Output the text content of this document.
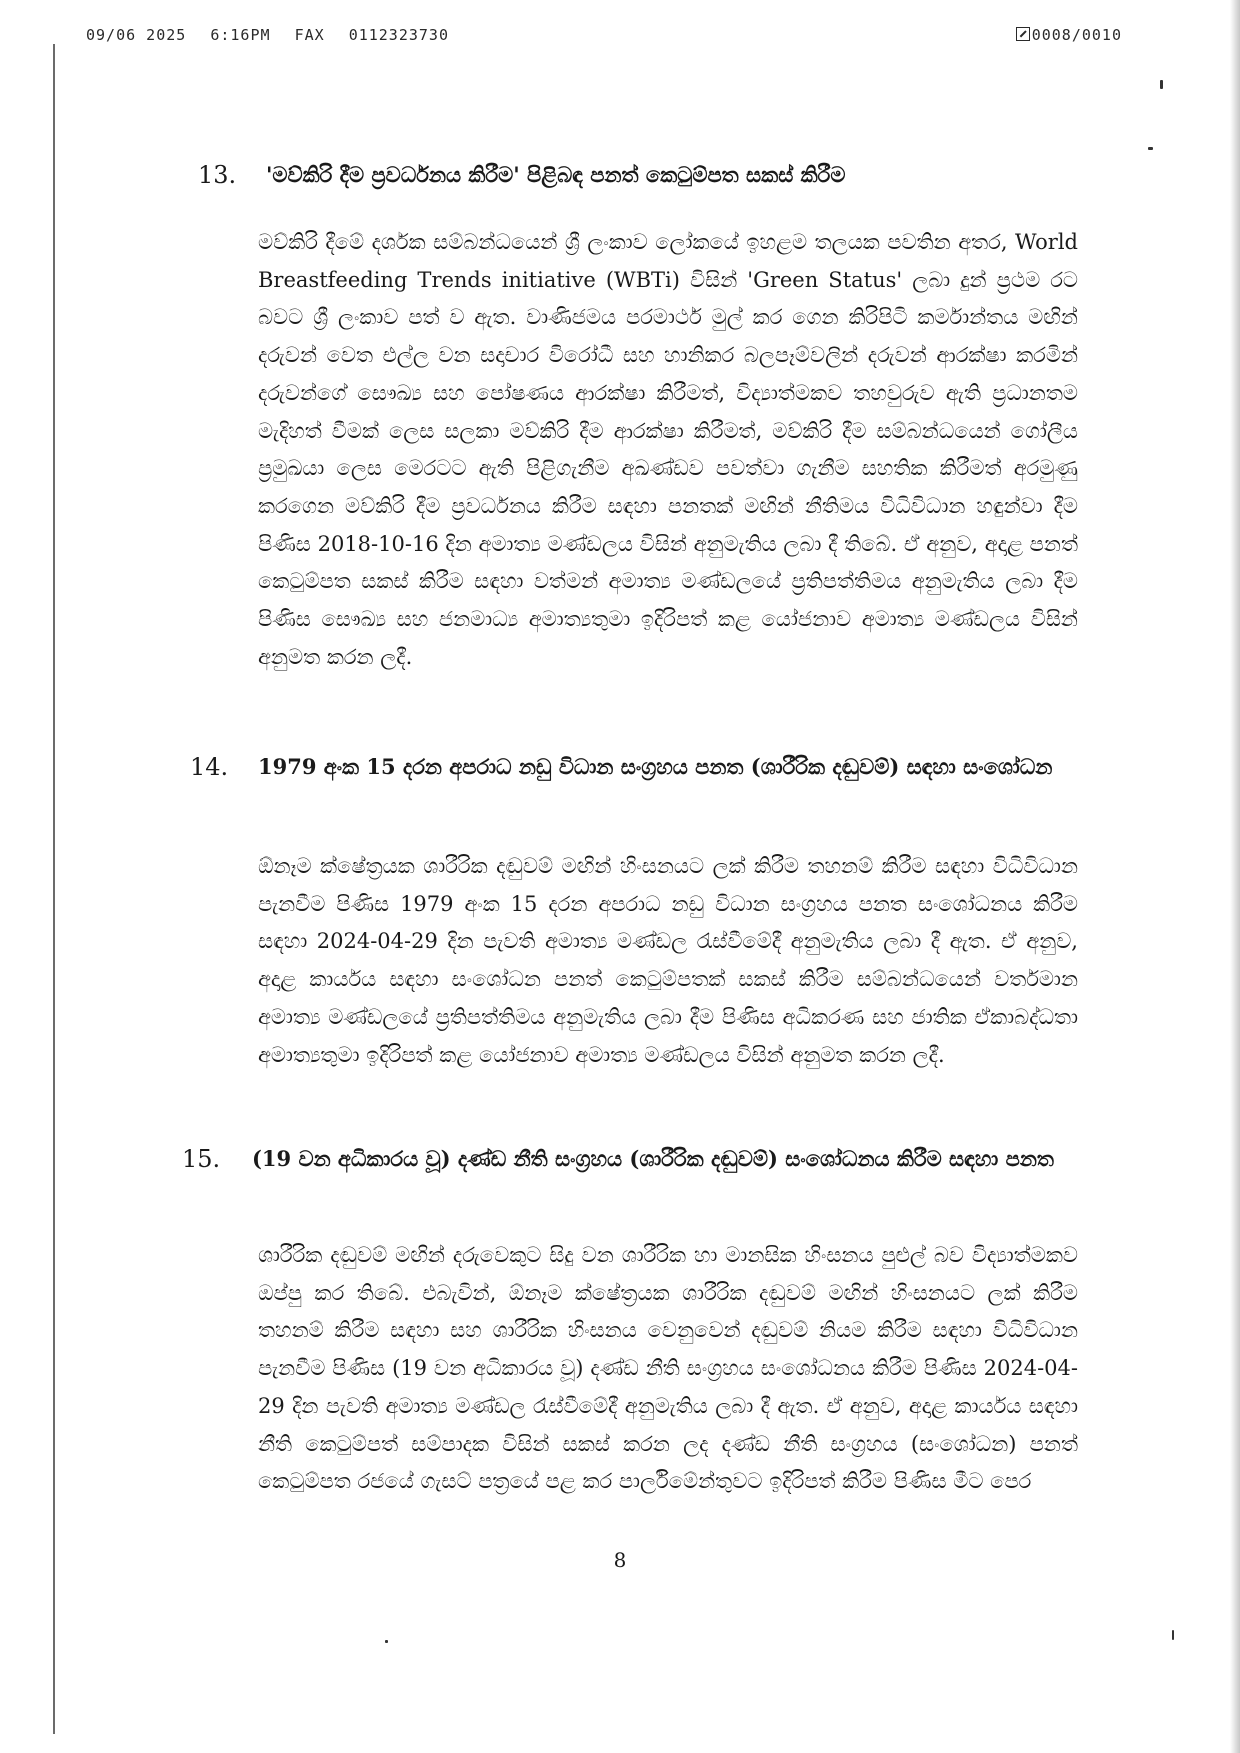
09/06 2025 6:16PM FAX 0112323730	0008/0010
13. 'මව්කිරි දීම ප්‍රවර්ධනය කිරීම' පිළිබඳ පනත් කෙටුම්පත සකස් කිරීම

මව්කිරි දීමේ දර්ශක සම්බන්ධයෙන් ශ්‍රී ලංකාව ලෝකයේ ඉහළම තලයක පවතින අතර, World Breastfeeding Trends initiative (WBTi) විසින් 'Green Status' ලබා දුන් ප්‍රථම රට බවට ශ්‍රී ලංකාව පත් ව ඇත. වාණිජමය පරමාර්ථ මුල් කර ගෙන කිරිපිටි කර්මාන්තය මඟින් දරුවන් වෙත එල්ල වන සදාචාර විරෝධී සහ හානිකර බලපෑම්වලින් දරුවන් ආරක්ෂා කරමින් දරුවන්ගේ සෞඛ්‍ය සහ පෝෂණය ආරක්ෂා කිරීමත්, විද්‍යාත්මකව තහවුරුව ඇති ප්‍රධානතම මැදිහත් වීමක් ලෙස සලකා මව්කිරි දීම ආරක්ෂා කිරීමත්, මව්කිරි දීම සම්බන්ධයෙන් ගෝලීය ප්‍රමුඛයා ලෙස මෙරටට ඇති පිළිගැනීම අඛණ්ඩව පවත්වා ගැනීම සහතික කිරීමත් අරමුණු කරගෙන මව්කිරි දීම ප්‍රවර්ධනය කිරීම සඳහා පනතක් මඟින් නීතිමය විධිවිධාන හඳුන්වා දීම පිණිස 2018-10-16 දින අමාත්‍ය මණ්ඩලය විසින් අනුමැතිය ලබා දී තිබේ. ඒ අනුව, අදාළ පනත් කෙටුම්පත සකස් කිරීම සඳහා වත්මන් අමාත්‍ය මණ්ඩලයේ ප්‍රතිපත්තිමය අනුමැතිය ලබා දීම පිණිස සෞඛ්‍ය සහ ජනමාධ්‍ය අමාත්‍යතුමා ඉදිරිපත් කළ යෝජනාව අමාත්‍ය මණ්ඩලය විසින් අනුමත කරන ලදී.

14. 1979 අංක 15 දරන අපරාධ නඩු විධාන සංග්‍රහය පනත (ශාරීරික දඬුවම්) සඳහා සංශෝධන

ඕනෑම ක්ෂේත්‍රයක ශාරීරික දඬුවම් මඟින් හිංසනයට ලක් කිරීම තහනම් කිරීම සඳහා විධිවිධාන පැනවීම පිණිස 1979 අංක 15 දරන අපරාධ නඩු විධාන සංග්‍රහය පනත සංශෝධනය කිරීම සඳහා 2024-04-29 දින පැවති අමාත්‍ය මණ්ඩල රැස්වීමේදී අනුමැතිය ලබා දී ඇත. ඒ අනුව, අදාළ කාර්යය සඳහා සංශෝධන පනත් කෙටුම්පතක් සකස් කිරීම සම්බන්ධයෙන් වර්තමාන අමාත්‍ය මණ්ඩලයේ ප්‍රතිපත්තිමය අනුමැතිය ලබා දීම පිණිස අධිකරණ සහ ජාතික ඒකාබද්ධතා අමාත්‍යතුමා ඉදිරිපත් කළ යෝජනාව අමාත්‍ය මණ්ඩලය විසින් අනුමත කරන ලදී.

15. (19 වන අධිකාරය වූ) දණ්ඩ නීති සංග්‍රහය (ශාරීරික දඬුවම්) සංශෝධනය කිරීම සඳහා පනත

ශාරීරික දඬුවම් මඟින් දරුවෙකුට සිදු වන ශාරීරික හා මානසික හිංසනය පුළුල් බව විද්‍යාත්මකව ඔප්පු කර තිබේ. එබැවින්, ඕනෑම ක්ෂේත්‍රයක ශාරීරික දඬුවම් මඟින් හිංසනයට ලක් කිරීම තහනම් කිරීම සඳහා සහ ශාරීරික හිංසනය වෙනුවෙන් දඬුවම් නියම කිරීම සඳහා විධිවිධාන පැනවීම පිණිස (19 වන අධිකාරය වූ) දණ්ඩ නීති සංග්‍රහය සංශෝධනය කිරීම පිණිස 2024-04-29 දින පැවති අමාත්‍ය මණ්ඩල රැස්වීමේදී අනුමැතිය ලබා දී ඇත. ඒ අනුව, අදාළ කාර්යය සඳහා නීති කෙටුම්පත් සම්පාදක විසින් සකස් කරන ලද දණ්ඩ නීති සංග්‍රහය (සංශෝධන) පනත් කෙටුම්පත රජයේ ගැසට් පත්‍රයේ පළ කර පාර්ලිමේන්තුවට ඉදිරිපත් කිරීම පිණිස මීට පෙර

8
